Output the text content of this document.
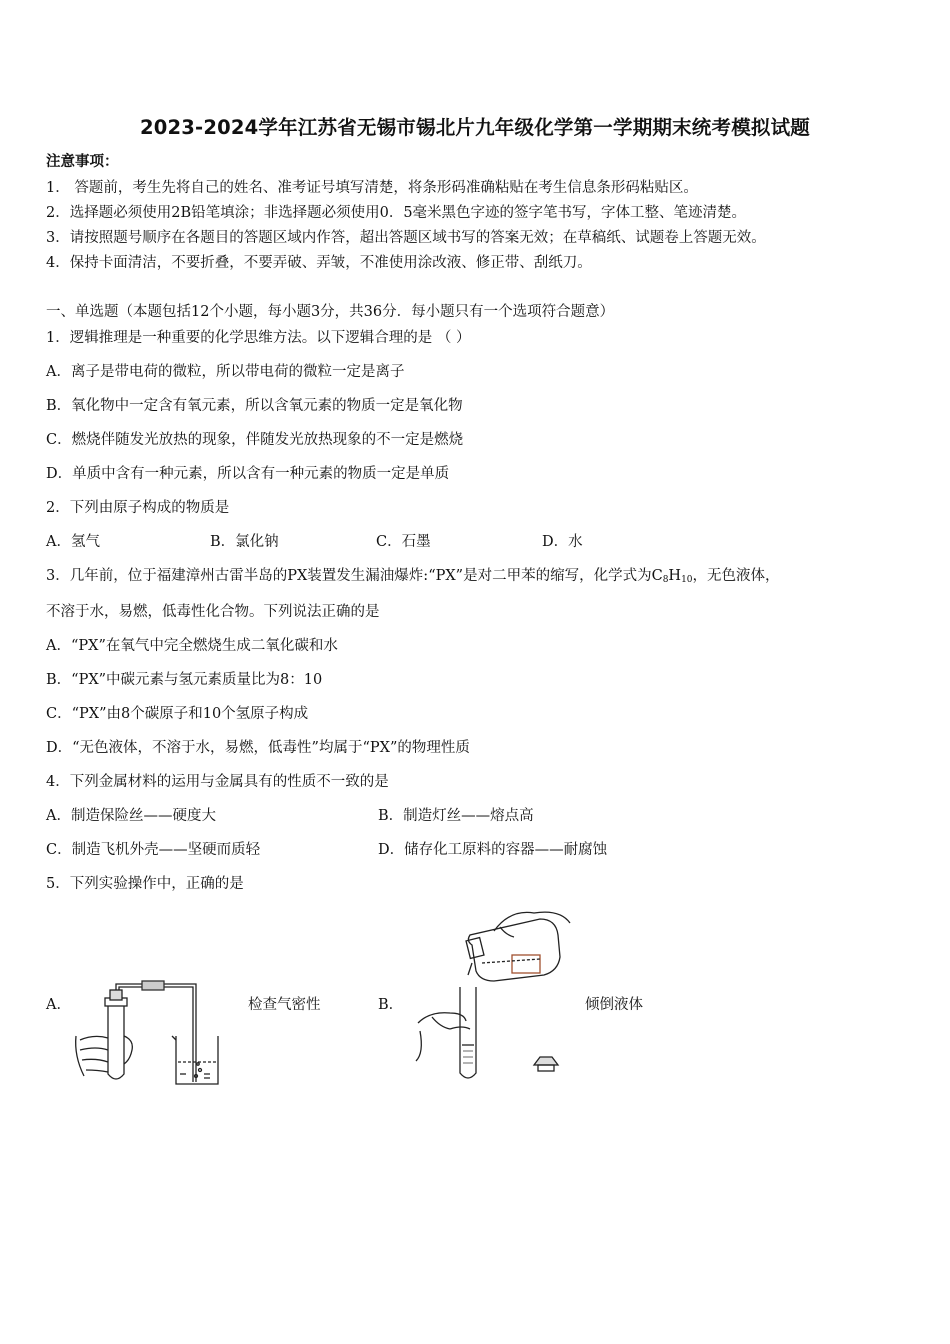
2023-2024学年江苏省无锡市锡北片九年级化学第一学期期末统考模拟试题
注意事项：
1． 答题前，考生先将自己的姓名、准考证号填写清楚，将条形码准确粘贴在考生信息条形码粘贴区。
2．选择题必须使用2B铅笔填涂；非选择题必须使用0．5毫米黑色字迹的签字笔书写，字体工整、笔迹清楚。
3．请按照题号顺序在各题目的答题区域内作答，超出答题区域书写的答案无效；在草稿纸、试题卷上答题无效。
4．保持卡面清洁，不要折叠，不要弄破、弄皱，不准使用涂改液、修正带、刮纸刀。
一、单选题（本题包括12个小题，每小题3分，共36分．每小题只有一个选项符合题意）
1．逻辑推理是一种重要的化学思维方法。以下逻辑合理的是 （ ）
A．离子是带电荷的微粒，所以带电荷的微粒一定是离子
B．氧化物中一定含有氧元素，所以含氧元素的物质一定是氧化物
C．燃烧伴随发光放热的现象，伴随发光放热现象的不一定是燃烧
D．单质中含有一种元素，所以含有一种元素的物质一定是单质
2．下列由原子构成的物质是
A．氢气	B．氯化钠	C．石墨	D．水
3．几年前，位于福建漳州古雷半岛的PX装置发生漏油爆炸:“PX”是对二甲苯的缩写，化学式为$C_8H_{10}$，无色液体，
不溶于水，易燃，低毒性化合物。下列说法正确的是
A．“PX”在氧气中完全燃烧生成二氧化碳和水
B．“PX”中碳元素与氢元素质量比为8：10
C．“PX”由8个碳原子和10个氢原子构成
D．“无色液体，不溶于水，易燃，低毒性”均属于“PX”的物理性质
4．下列金属材料的运用与金属具有的性质不一致的是
A．制造保险丝——硬度大	B．制造灯丝——熔点高
C．制造飞机外壳——坚硬而质轻	D．储存化工原料的容器——耐腐蚀
5．下列实验操作中，正确的是
A．	检查气密性	B．	倾倒液体
